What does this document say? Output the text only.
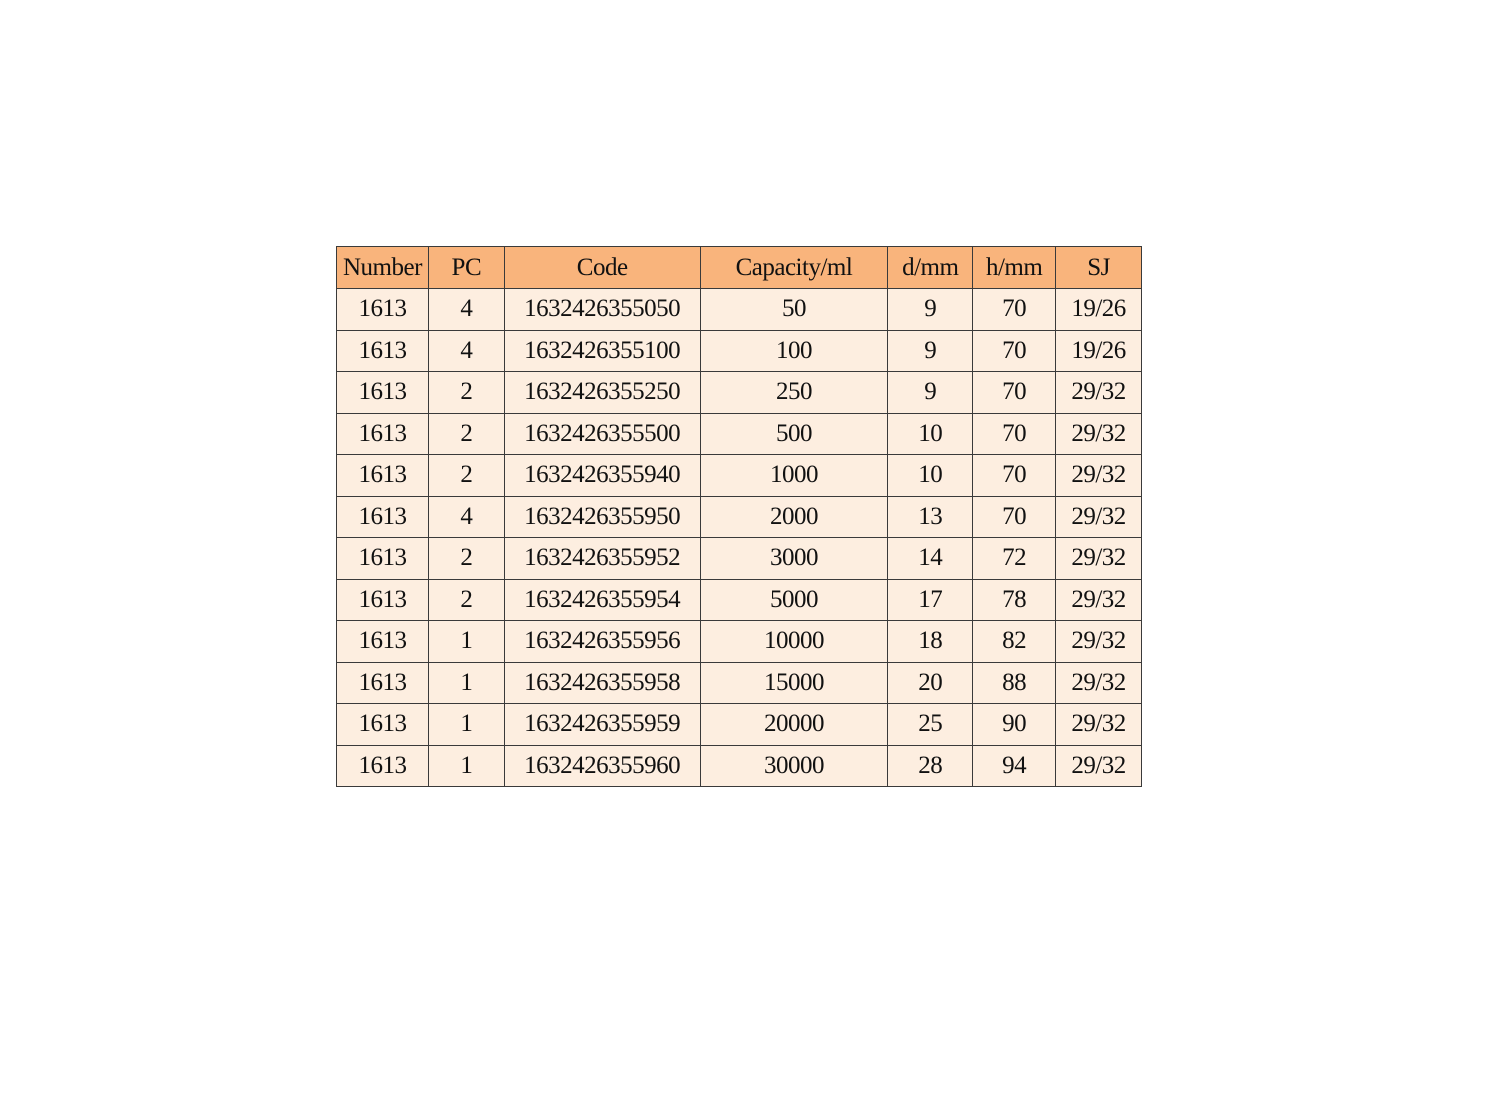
Number	PC	Code	Capacity/ml	d/mm	h/mm	SJ
1613	4	1632426355050	50	9	70	19/26
1613	4	1632426355100	100	9	70	19/26
1613	2	1632426355250	250	9	70	29/32
1613	2	1632426355500	500	10	70	29/32
1613	2	1632426355940	1000	10	70	29/32
1613	4	1632426355950	2000	13	70	29/32
1613	2	1632426355952	3000	14	72	29/32
1613	2	1632426355954	5000	17	78	29/32
1613	1	1632426355956	10000	18	82	29/32
1613	1	1632426355958	15000	20	88	29/32
1613	1	1632426355959	20000	25	90	29/32
1613	1	1632426355960	30000	28	94	29/32
